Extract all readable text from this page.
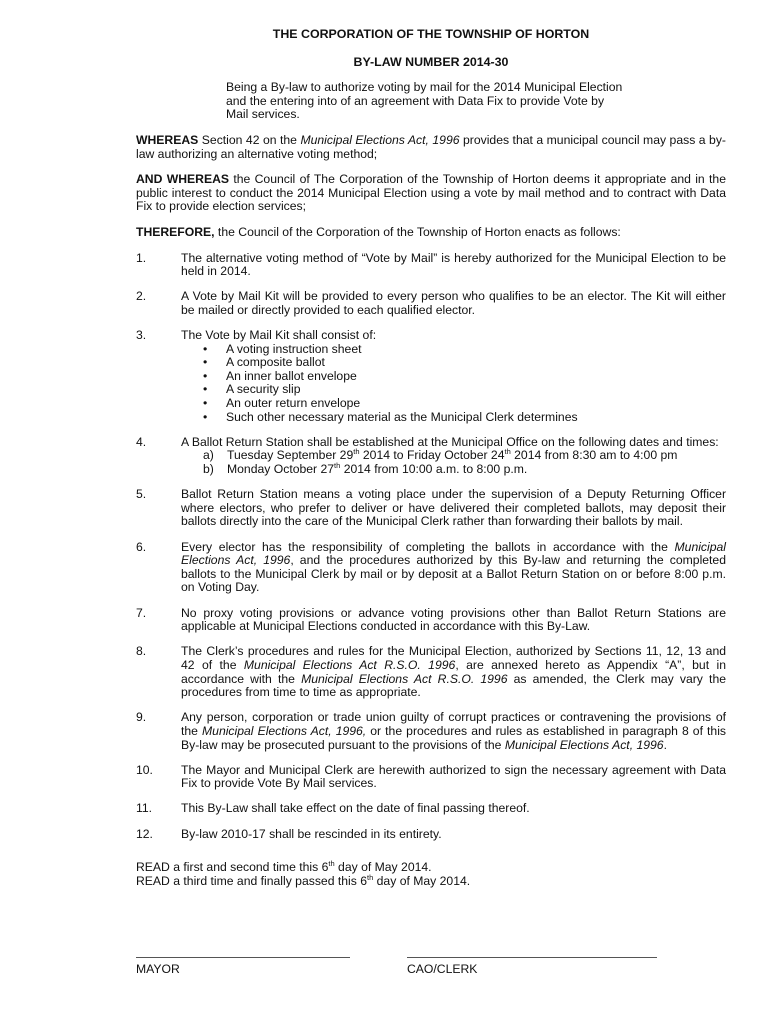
THE CORPORATION OF THE TOWNSHIP OF HORTON
BY-LAW NUMBER 2014-30
Being a By-law to authorize voting by mail for the 2014 Municipal Election and the entering into of an agreement with Data Fix to provide Vote by Mail services.

WHEREAS Section 42 on the Municipal Elections Act, 1996 provides that a municipal council may pass a by-law authorizing an alternative voting method;

AND WHEREAS the Council of The Corporation of the Township of Horton deems it appropriate and in the public interest to conduct the 2014 Municipal Election using a vote by mail method and to contract with Data Fix to provide election services;

THEREFORE, the Council of the Corporation of the Township of Horton enacts as follows:

1.	The alternative voting method of “Vote by Mail” is hereby authorized for the Municipal Election to be held in 2014.
2.	A Vote by Mail Kit will be provided to every person who qualifies to be an elector. The Kit will either be mailed or directly provided to each qualified elector.
3.	The Vote by Mail Kit shall consist of:
• A voting instruction sheet
• A composite ballot
• An inner ballot envelope
• A security slip
• An outer return envelope
• Such other necessary material as the Municipal Clerk determines
4.	A Ballot Return Station shall be established at the Municipal Office on the following dates and times:
a)	Tuesday September 29th 2014 to Friday October 24th 2014 from 8:30 am to 4:00 pm
b)	Monday October 27th 2014 from 10:00 a.m. to 8:00 p.m.
5.	Ballot Return Station means a voting place under the supervision of a Deputy Returning Officer where electors, who prefer to deliver or have delivered their completed ballots, may deposit their ballots directly into the care of the Municipal Clerk rather than forwarding their ballots by mail.
6.	Every elector has the responsibility of completing the ballots in accordance with the Municipal Elections Act, 1996, and the procedures authorized by this By-law and returning the completed ballots to the Municipal Clerk by mail or by deposit at a Ballot Return Station on or before 8:00 p.m. on Voting Day.
7.	No proxy voting provisions or advance voting provisions other than Ballot Return Stations are applicable at Municipal Elections conducted in accordance with this By-Law.
8.	The Clerk’s procedures and rules for the Municipal Election, authorized by Sections 11, 12, 13 and 42 of the Municipal Elections Act R.S.O. 1996, are annexed hereto as Appendix “A”, but in accordance with the Municipal Elections Act R.S.O. 1996 as amended, the Clerk may vary the procedures from time to time as appropriate.
9.	Any person, corporation or trade union guilty of corrupt practices or contravening the provisions of the Municipal Elections Act, 1996, or the procedures and rules as established in paragraph 8 of this By-law may be prosecuted pursuant to the provisions of the Municipal Elections Act, 1996.
10.	The Mayor and Municipal Clerk are herewith authorized to sign the necessary agreement with Data Fix to provide Vote By Mail services.
11.	This By-Law shall take effect on the date of final passing thereof.
12.	By-law 2010-17 shall be rescinded in its entirety.
READ a first and second time this 6th day of May 2014.
READ a third time and finally passed this 6th day of May 2014.
MAYOR	CAO/CLERK
